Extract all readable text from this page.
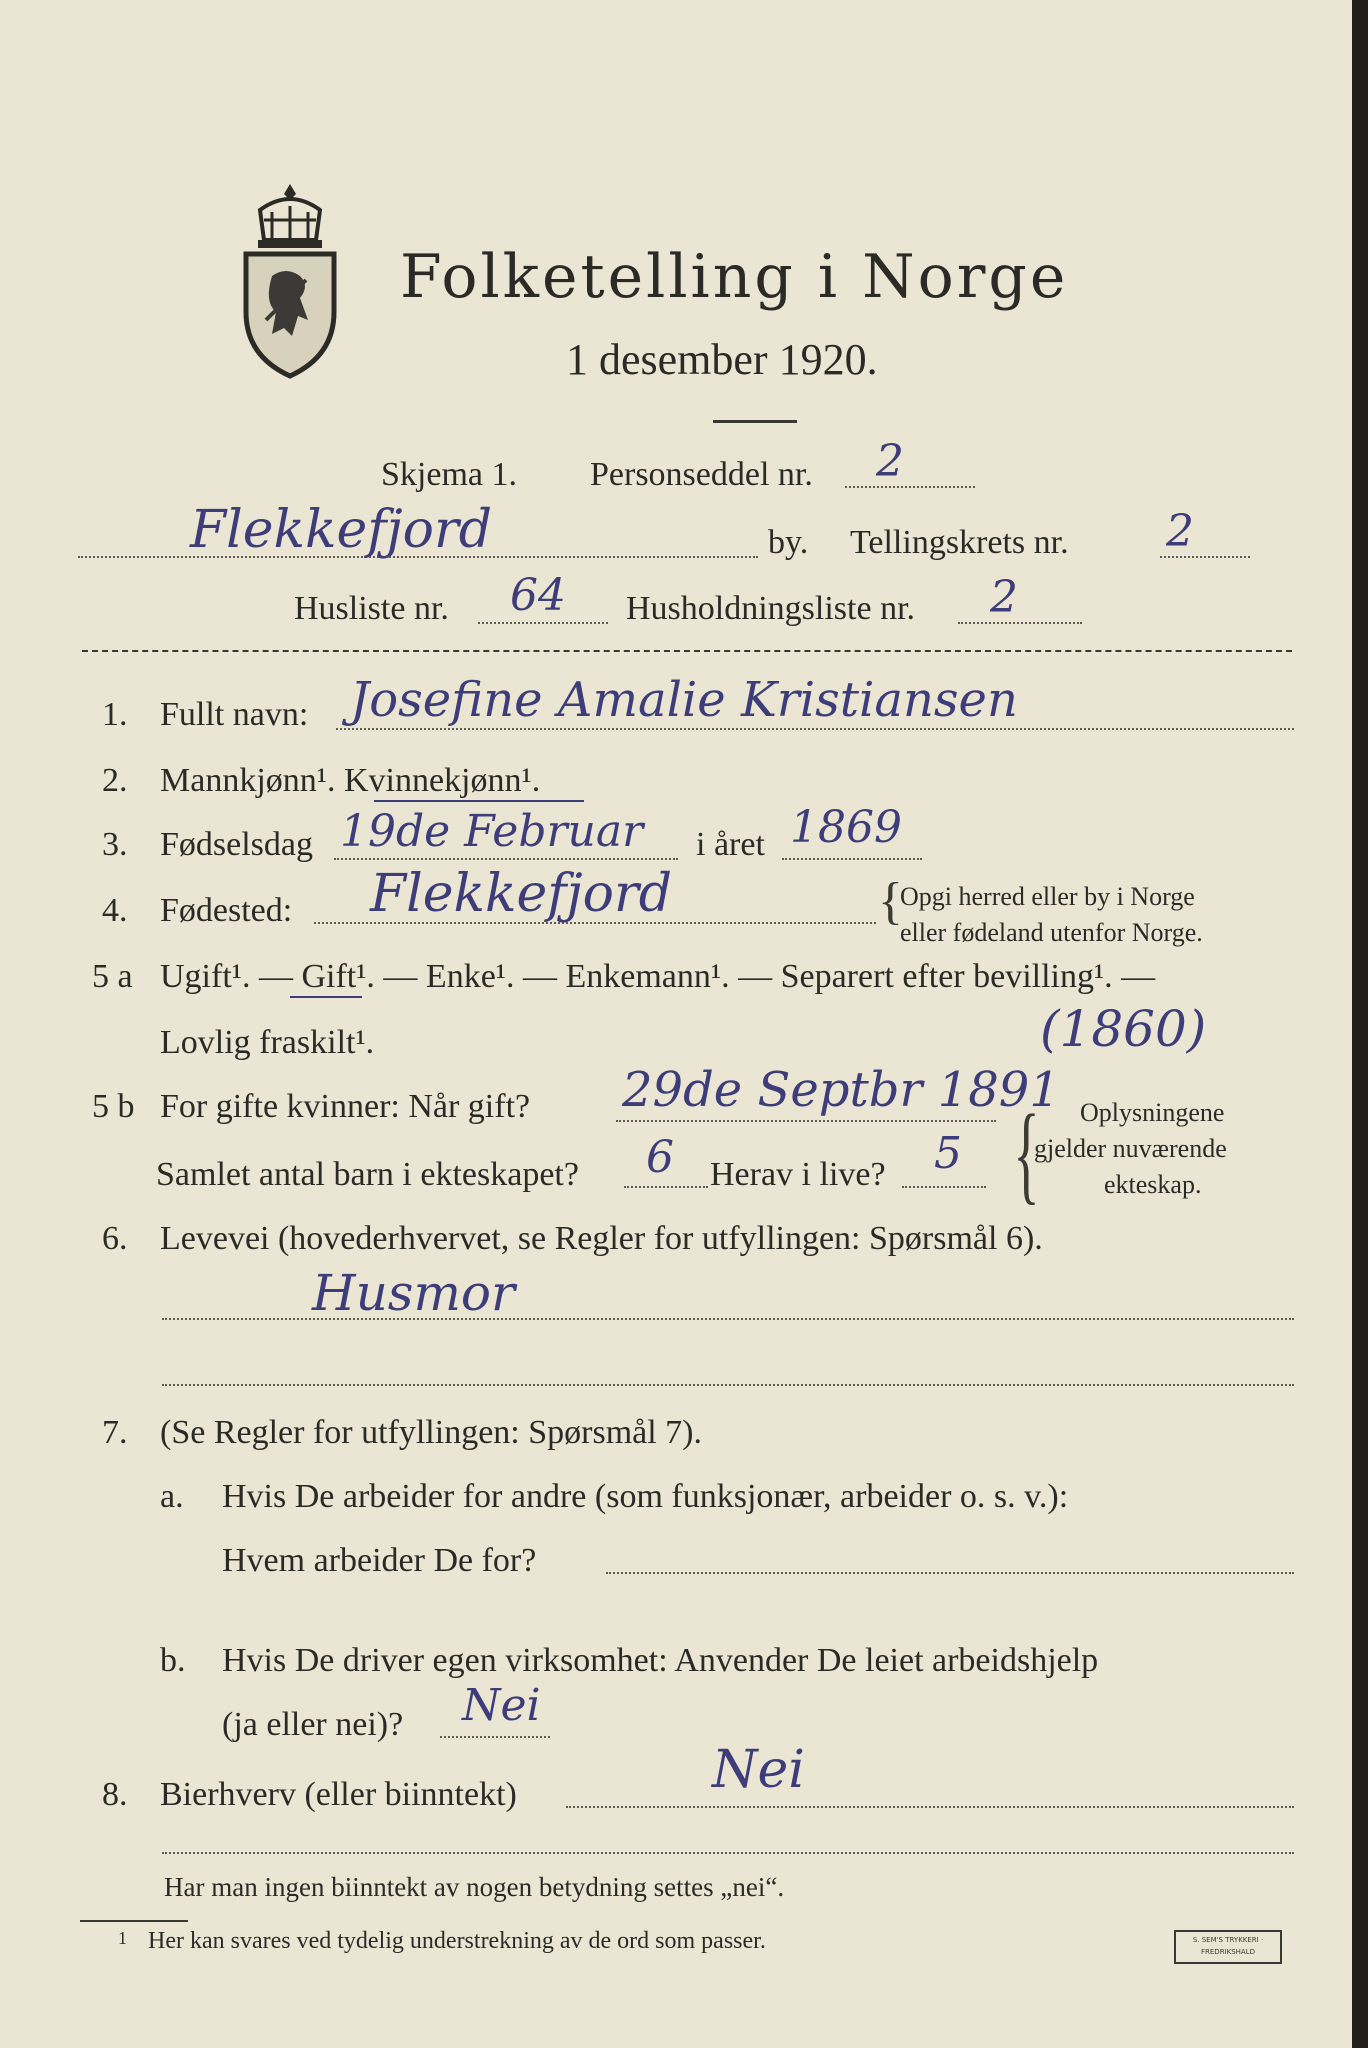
Folketelling i Norge
1 desember 1920.
Skjema 1. Personseddel nr. 2
Flekkefjord	by. Tellingskrets nr. 2
Husliste nr. 64 Husholdningsliste nr. 2
1. Fullt navn: Josefine Amalie Kristiansen
2. Mannkjønn¹. Kvinnekjønn¹.
3. Fødselsdag 19de Februar i året 1869
4. Fødested: Flekkefjord	{
Opgi herred eller by i Norge
eller fødeland utenfor Norge.
5 a Ugift¹. — Gift¹. — Enke¹. — Enkemann¹. — Separert efter bevilling¹. —
Lovlig fraskilt¹.	(1860)
5 b For gifte kvinner: Når gift? 29de Septbr 1891
Samlet antal barn i ekteskapet? 6 Herav i live? 5 { Oplysningene
gjelder nuværende
ekteskap.
6. Levevei (hovederhvervet, se Regler for utfyllingen: Spørsmål 6).
Husmor
7. (Se Regler for utfyllingen: Spørsmål 7).
a. Hvis De arbeider for andre (som funksjonær, arbeider o. s. v.):
Hvem arbeider De for?
b. Hvis De driver egen virksomhet: Anvender De leiet arbeidshjelp
(ja eller nei)? Nei
8. Bierhverv (eller biinntekt)	Nei
Har man ingen biinntekt av nogen betydning settes „nei“.
1 Her kan svares ved tydelig understrekning av de ord som passer.	S. SEM'S TRYKKERI · FREDRIKSHALD
